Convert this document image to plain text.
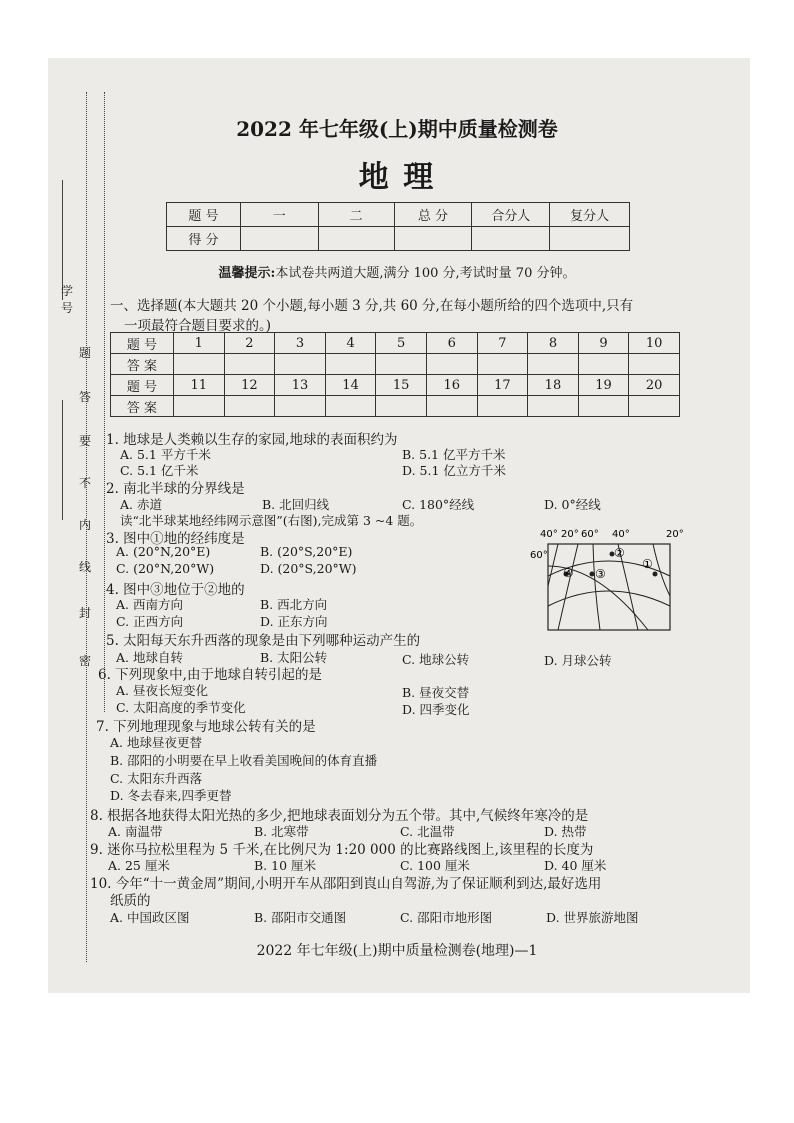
学 号
密
封
线
内
不
要
答
题
2022 年七年级(上)期中质量检测卷
地 理
题 号	一	二	总 分	合分人	复分人
得 分					
温馨提示:本试卷共两道大题,满分 100 分,考试时量 70 分钟。
一、选择题(本大题共 20 个小题,每小题 3 分,共 60 分,在每小题所给的四个选项中,只有
一项最符合题目要求的。)
题 号	1	2	3	4	5	6	7	8	9	10
答 案										
题 号	11	12	13	14	15	16	17	18	19	20
答 案										
1. 地球是人类赖以生存的家园,地球的表面积约为
A. 5.1 平方千米	B. 5.1 亿平方千米
C. 5.1 亿千米	D. 5.1 亿立方千米
2. 南北半球的分界线是
A. 赤道	B. 北回归线	C. 180°经线	D. 0°经线
读“北半球某地经纬网示意图”(右图),完成第 3 ~4 题。
3. 图中①地的经纬度是
A. (20°N,20°E)	B. (20°S,20°E)
C. (20°N,20°W)	D. (20°S,20°W)
4. 图中③地位于②地的
A. 西南方向	B. 西北方向
C. 正西方向	D. 正东方向
5. 太阳每天东升西落的现象是由下列哪种运动产生的
A. 地球自转	B. 太阳公转	C. 地球公转	D. 月球公转
6. 下列现象中,由于地球自转引起的是
A. 昼夜长短变化	B. 昼夜交替
C. 太阳高度的季节变化	D. 四季变化
7. 下列地理现象与地球公转有关的是
A. 地球昼夜更替
B. 邵阳的小明要在早上收看美国晚间的体育直播
C. 太阳东升西落
D. 冬去春来,四季更替
8. 根据各地获得太阳光热的多少,把地球表面划分为五个带。其中,气候终年寒冷的是
A. 南温带	B. 北寒带	C. 北温带	D. 热带
9. 迷你马拉松里程为 5 千米,在比例尺为 1:20 000 的比赛路线图上,该里程的长度为
A. 25 厘米	B. 10 厘米	C. 100 厘米	D. 40 厘米
10. 今年“十一黄金周”期间,小明开车从邵阳到崀山自驾游,为了保证顺利到达,最好选用
纸质的
A. 中国政区图	B. 邵阳市交通图	C. 邵阳市地形图	D. 世界旅游地图
40° 20° 60° 40°	20°
60°
①
②
③
④
2022 年七年级(上)期中质量检测卷(地理)—1
